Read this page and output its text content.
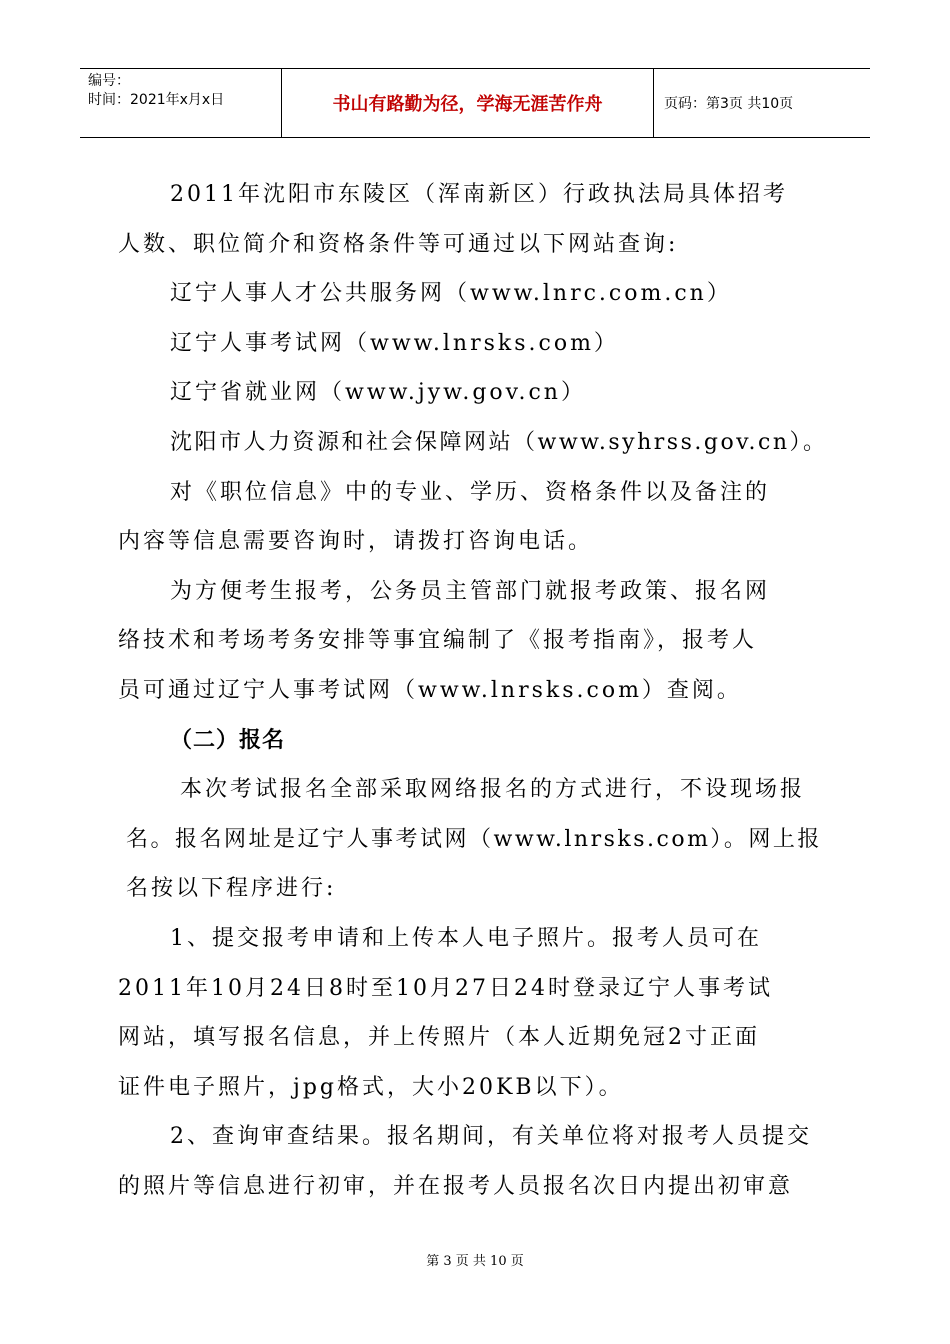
编号：
时间：2021年x月x日	书山有路勤为径，学海无涯苦作舟	页码：第3页 共10页

2011年沈阳市东陵区（浑南新区）行政执法局具体招考

人数、职位简介和资格条件等可通过以下网站查询:

辽宁人事人才公共服务网（www.lnrc.com.cn）

辽宁人事考试网（www.lnrsks.com）

辽宁省就业网（www.jyw.gov.cn）

沈阳市人力资源和社会保障网站（www.syhrss.gov.cn）。

对《职位信息》中的专业、学历、资格条件以及备注的

内容等信息需要咨询时，请拨打咨询电话。

为方便考生报考，公务员主管部门就报考政策、报名网

络技术和考场考务安排等事宜编制了《报考指南》，报考人

员可通过辽宁人事考试网（www.lnrsks.com）查阅。

（二）报名

本次考试报名全部采取网络报名的方式进行，不设现场报

名。报名网址是辽宁人事考试网（www.lnrsks.com）。网上报

名按以下程序进行:

1、提交报考申请和上传本人电子照片。报考人员可在

2011年10月24日8时至10月27日24时登录辽宁人事考试

网站，填写报名信息，并上传照片（本人近期免冠2寸正面

证件电子照片，jpg格式，大小20KB以下）。

2、查询审查结果。报名期间，有关单位将对报考人员提交

的照片等信息进行初审，并在报考人员报名次日内提出初审意

第 3 页 共 10 页
